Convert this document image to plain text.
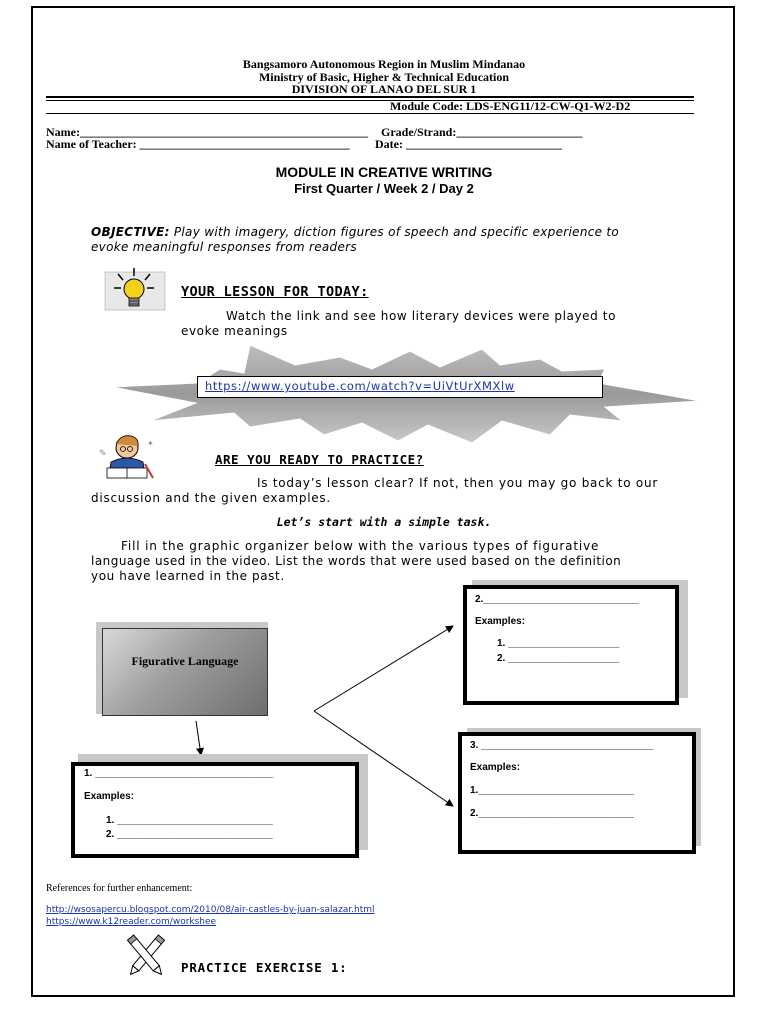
Bangsamoro Autonomous Region in Muslim Mindanao
Ministry of Basic, Higher & Technical Education
DIVISION OF LANAO DEL SUR 1
Module Code: LDS-ENG11/12-CW-Q1-W2-D2
Name:________________________________________________ Grade/Strand:_____________________
Name of Teacher: ___________________________________ Date: __________________________
MODULE IN CREATIVE WRITING
First Quarter / Week 2 / Day 2
OBJECTIVE: Play with imagery, diction figures of speech and specific experience to
evoke meaningful responses from readers
YOUR LESSON FOR TODAY:
Watch the link and see how literary devices were played to
evoke meanings
https://www.youtube.com/watch?v=UiVtUrXMXlw
✎
✦
ARE YOU READY TO PRACTICE?
Is today’s lesson clear? If not, then you may go back to our
discussion and the given examples.
Let’s start with a simple task.
Fill in the graphic organizer below with the various types of figurative
language used in the video. List the words that were used based on the definition
you have learned in the past.
Figurative Language
1. ________________________________
Examples:
1. ____________________________
2. ____________________________
2.____________________________
Examples:
1. ____________________
2. ____________________
3. _______________________________
Examples:
1.____________________________
2.____________________________
References for further enhancement:
http://wsosapercu.blogspot.com/2010/08/air-castles-by-juan-salazar.html
https://www.k12reader.com/workshee
PRACTICE EXERCISE 1:
